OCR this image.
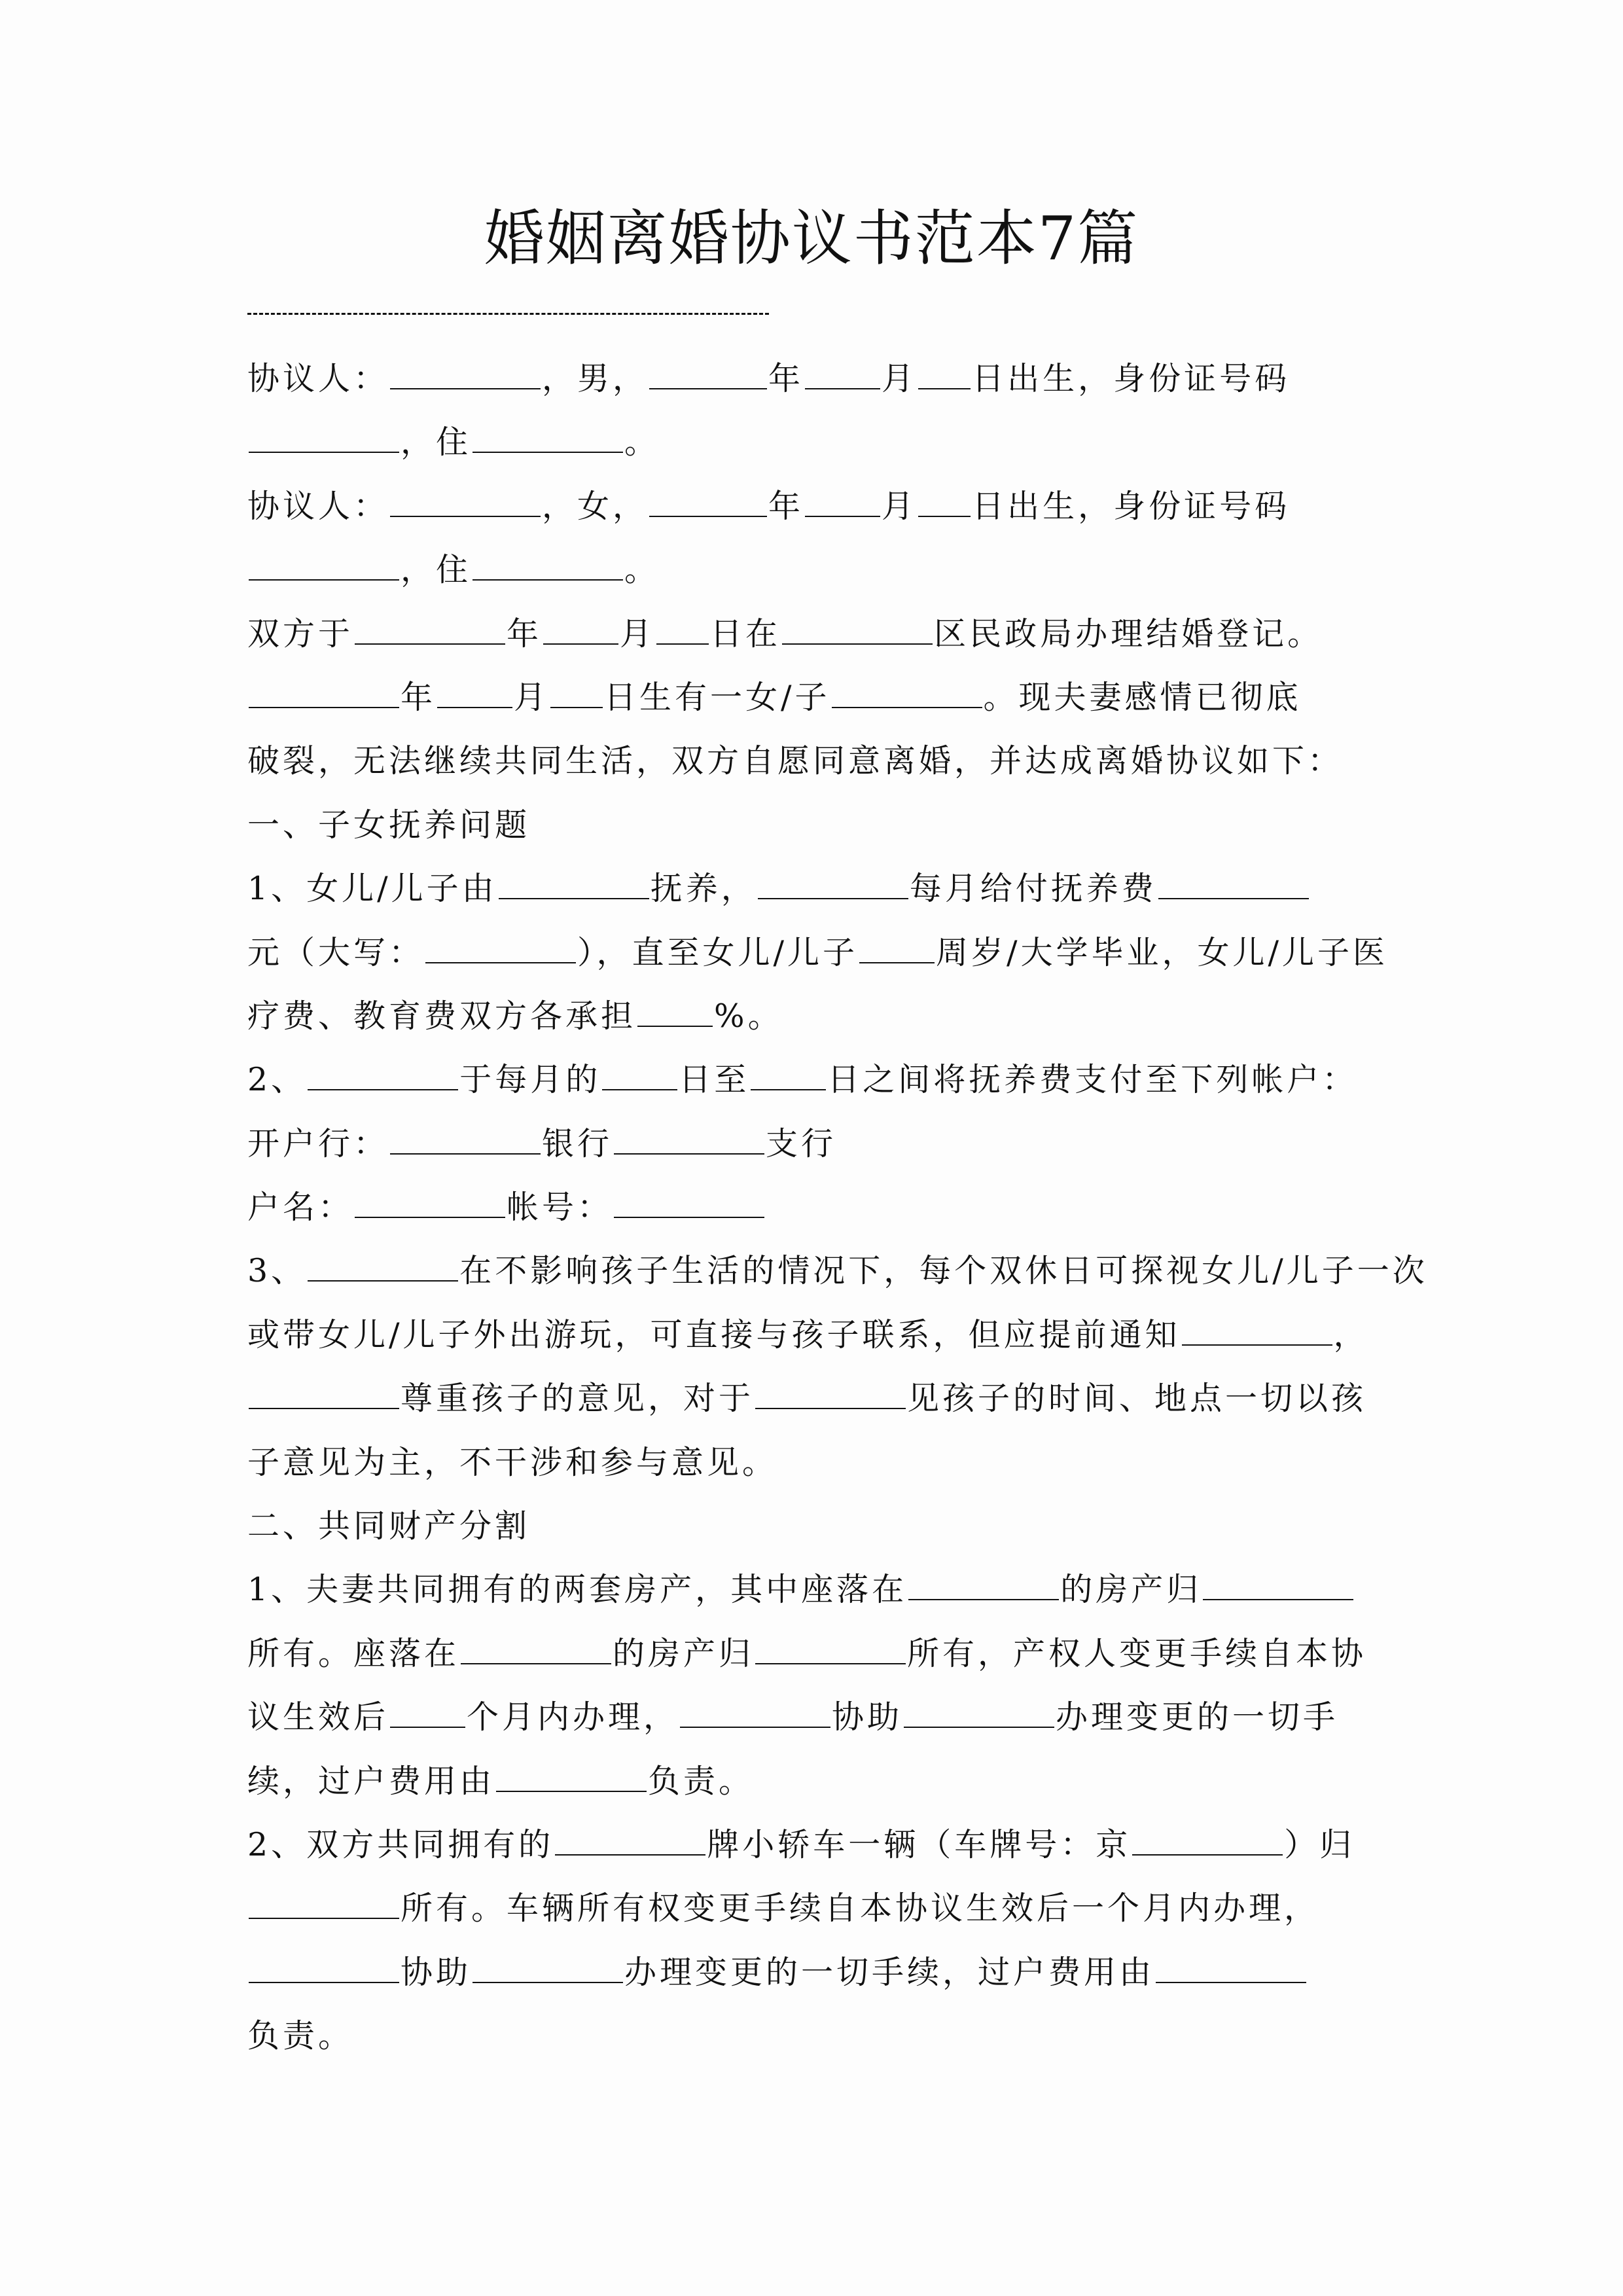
婚姻离婚协议书范本7篇
协议人：	，男，	年 月 日出生，身份证号码
，住	。
协议人：	，女，	年 月 日出生，身份证号码
，住	。
双方于	年 月 日在	区民政局办理结婚登记。
年 月 日生有一女/子	。现夫妻感情已彻底
破裂，无法继续共同生活，双方自愿同意离婚，并达成离婚协议如下：
一、子女抚养问题
1、女儿/儿子由	抚养，	每月给付抚养费
元（大写：	），直至女儿/儿子 周岁/大学毕业，女儿/儿子医
疗费、教育费双方各承担 %。
2、	于每月的 日至 日之间将抚养费支付至下列帐户：
开户行：	银行	支行
户名：	帐号：
3、	在不影响孩子生活的情况下，每个双休日可探视女儿/儿子一次
或带女儿/儿子外出游玩，可直接与孩子联系，但应提前通知	，
尊重孩子的意见，对于	见孩子的时间、地点一切以孩
子意见为主，不干涉和参与意见。
二、共同财产分割
1、夫妻共同拥有的两套房产，其中座落在	的房产归
所有。座落在	的房产归	所有，产权人变更手续自本协
议生效后 个月内办理，	协助	办理变更的一切手
续，过户费用由	负责。
2、双方共同拥有的	牌小轿车一辆（车牌号：京	）归
所有。车辆所有权变更手续自本协议生效后一个月内办理，
协助	办理变更的一切手续，过户费用由
负责。
